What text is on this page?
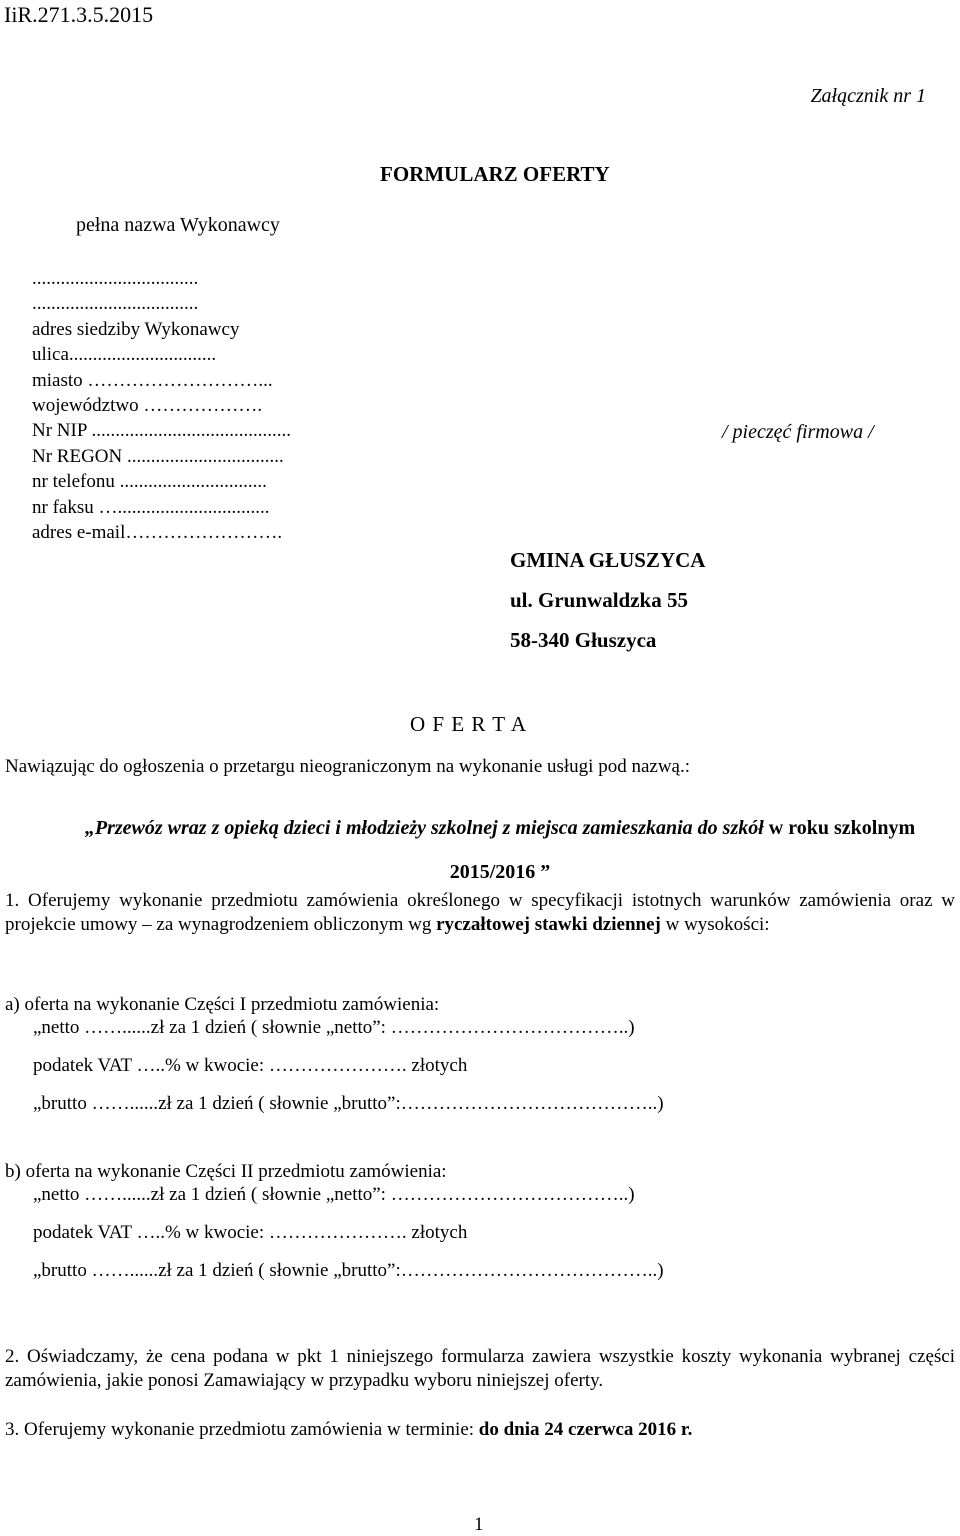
IiR.271.3.5.2015
Załącznik nr 1
FORMULARZ OFERTY
pełna nazwa Wykonawcy
...................................
...................................
adres siedziby Wykonawcy
ulica...............................
miasto ………………………...
województwo ……………….
Nr NIP ..........................................
Nr REGON .................................
nr telefonu ...............................
nr faksu …................................
adres e-mail…………………….
/ pieczęć firmowa /
GMINA GŁUSZYCA
ul. Grunwaldzka 55
58-340 Głuszyca
O F E R T A
Nawiązując do ogłoszenia o przetargu nieograniczonym na wykonanie usługi pod nazwą.:
„Przewóz wraz z opieką dzieci i młodzieży szkolnej z miejsca zamieszkania do szkół w roku szkolnym 2015/2016 ”
1. Oferujemy wykonanie przedmiotu zamówienia określonego w specyfikacji istotnych warunków zamówienia oraz w projekcie umowy – za wynagrodzeniem obliczonym wg ryczałtowej stawki dziennej w wysokości:
a) oferta na wykonanie Części I przedmiotu zamówienia:
„netto ……......zł za 1 dzień ( słownie „netto”: ………………………………..)
podatek VAT …..% w kwocie: …………………. złotych
„brutto ……......zł za 1 dzień ( słownie „brutto”:…………………………………..)
b) oferta na wykonanie Części II przedmiotu zamówienia:
„netto ……......zł za 1 dzień ( słownie „netto”: ………………………………..)
podatek VAT …..% w kwocie: …………………. złotych
„brutto ……......zł za 1 dzień ( słownie „brutto”:…………………………………..)
2. Oświadczamy, że cena podana w pkt 1 niniejszego formularza zawiera wszystkie koszty wykonania wybranej części zamówienia, jakie ponosi Zamawiający w przypadku wyboru niniejszej oferty.
3. Oferujemy wykonanie przedmiotu zamówienia w terminie: do dnia 24 czerwca 2016 r.
1
